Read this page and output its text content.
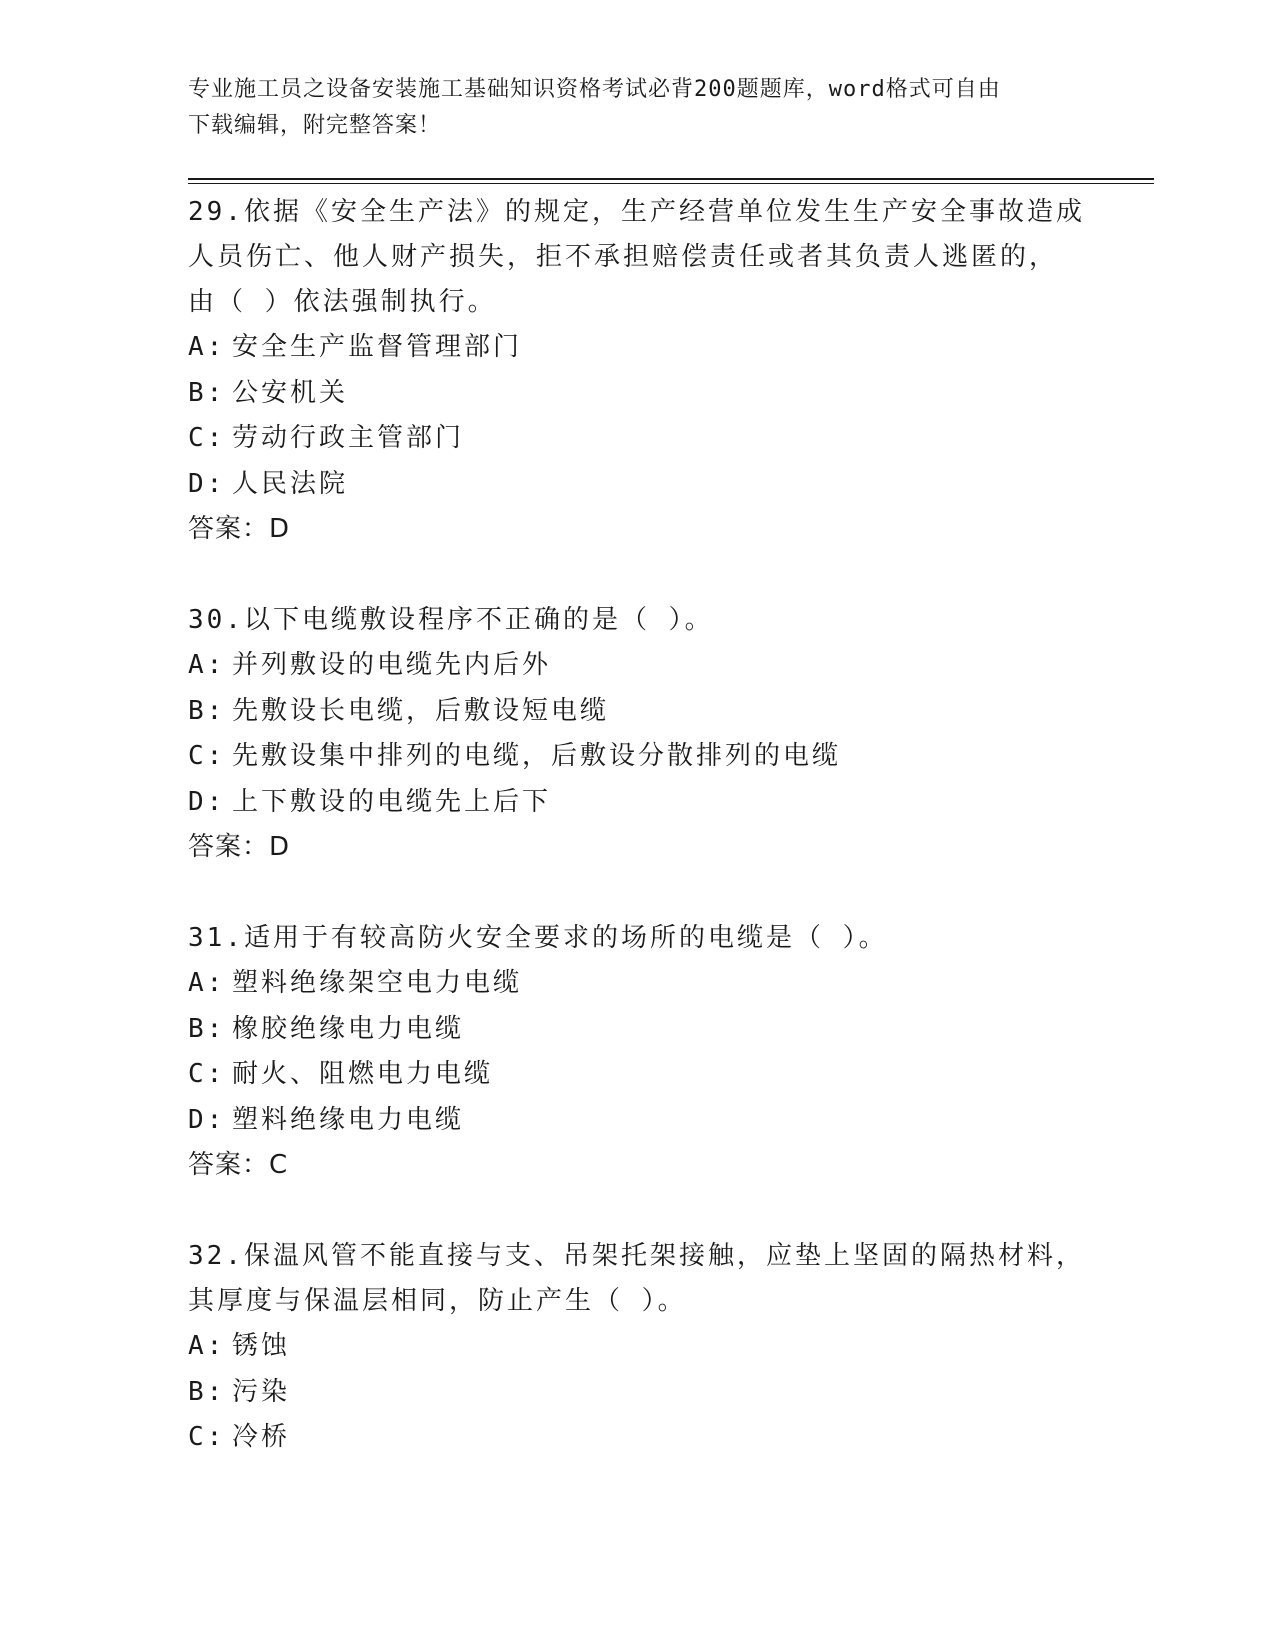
专业施工员之设备安装施工基础知识资格考试必背200题题库，word格式可自由
下载编辑，附完整答案！

29.依据《安全生产法》的规定，生产经营单位发生生产安全事故造成

人员伤亡、他人财产损失，拒不承担赔偿责任或者其负责人逃匿的，

由（ ）依法强制执行。

A: 安全生产监督管理部门

B: 公安机关

C: 劳动行政主管部门

D: 人民法院

答案：D

30.以下电缆敷设程序不正确的是（ ）。

A: 并列敷设的电缆先内后外

B: 先敷设长电缆，后敷设短电缆

C: 先敷设集中排列的电缆，后敷设分散排列的电缆

D: 上下敷设的电缆先上后下

答案：D

31.适用于有较高防火安全要求的场所的电缆是（ ）。

A: 塑料绝缘架空电力电缆

B: 橡胶绝缘电力电缆

C: 耐火、阻燃电力电缆

D: 塑料绝缘电力电缆

答案：C

32.保温风管不能直接与支、吊架托架接触，应垫上坚固的隔热材料，

其厚度与保温层相同，防止产生（ ）。

A: 锈蚀

B: 污染

C: 冷桥
